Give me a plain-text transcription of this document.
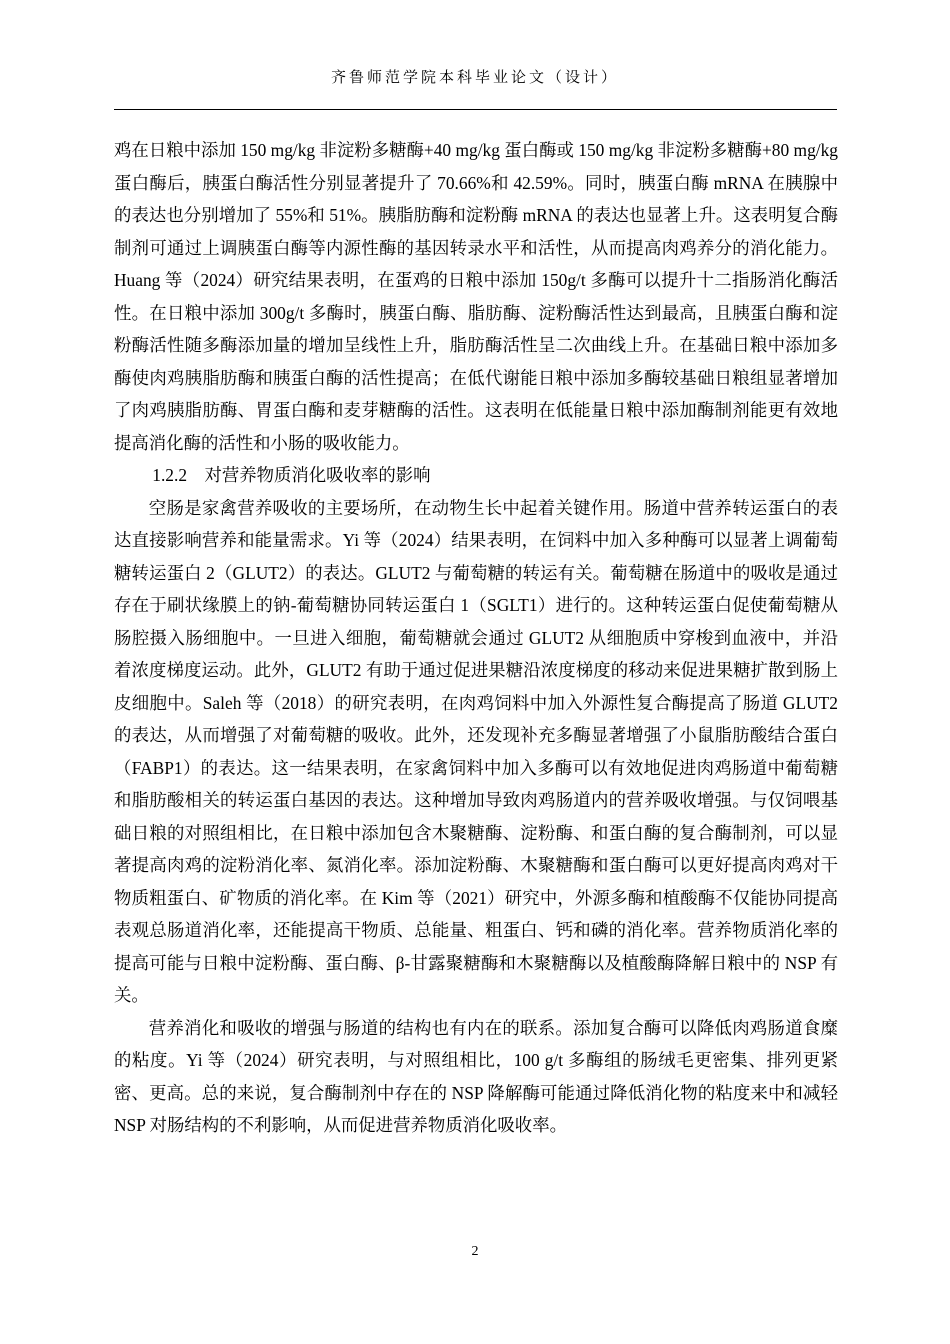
齐鲁师范学院本科毕业论文（设计）

鸡在日粮中添加 150 mg/kg 非淀粉多糖酶+40 mg/kg 蛋白酶或 150 mg/kg 非淀粉多糖酶+80 mg/kg 蛋白酶后，胰蛋白酶活性分别显著提升了 70.66%和 42.59%。同时，胰蛋白酶 mRNA 在胰腺中的表达也分别增加了 55%和 51%。胰脂肪酶和淀粉酶 mRNA 的表达也显著上升。这表明复合酶制剂可通过上调胰蛋白酶等内源性酶的基因转录水平和活性，从而提高肉鸡养分的消化能力。Huang 等（2024）研究结果表明，在蛋鸡的日粮中添加 150g/t 多酶可以提升十二指肠消化酶活性。在日粮中添加 300g/t 多酶时，胰蛋白酶、脂肪酶、淀粉酶活性达到最高，且胰蛋白酶和淀粉酶活性随多酶添加量的增加呈线性上升，脂肪酶活性呈二次曲线上升。在基础日粮中添加多酶使肉鸡胰脂肪酶和胰蛋白酶的活性提高；在低代谢能日粮中添加多酶较基础日粮组显著增加了肉鸡胰脂肪酶、胃蛋白酶和麦芽糖酶的活性。这表明在低能量日粮中添加酶制剂能更有效地提高消化酶的活性和小肠的吸收能力。

1.2.2　对营养物质消化吸收率的影响

空肠是家禽营养吸收的主要场所，在动物生长中起着关键作用。肠道中营养转运蛋白的表达直接影响营养和能量需求。Yi 等（2024）结果表明，在饲料中加入多种酶可以显著上调葡萄糖转运蛋白 2（GLUT2）的表达。GLUT2 与葡萄糖的转运有关。葡萄糖在肠道中的吸收是通过存在于刷状缘膜上的钠-葡萄糖协同转运蛋白 1（SGLT1）进行的。这种转运蛋白促使葡萄糖从肠腔摄入肠细胞中。一旦进入细胞，葡萄糖就会通过 GLUT2 从细胞质中穿梭到血液中，并沿着浓度梯度运动。此外，GLUT2 有助于通过促进果糖沿浓度梯度的移动来促进果糖扩散到肠上皮细胞中。Saleh 等（2018）的研究表明，在肉鸡饲料中加入外源性复合酶提高了肠道 GLUT2 的表达，从而增强了对葡萄糖的吸收。此外，还发现补充多酶显著增强了小鼠脂肪酸结合蛋白（FABP1）的表达。这一结果表明，在家禽饲料中加入多酶可以有效地促进肉鸡肠道中葡萄糖和脂肪酸相关的转运蛋白基因的表达。这种增加导致肉鸡肠道内的营养吸收增强。与仅饲喂基础日粮的对照组相比，在日粮中添加包含木聚糖酶、淀粉酶、和蛋白酶的复合酶制剂，可以显著提高肉鸡的淀粉消化率、氮消化率。添加淀粉酶、木聚糖酶和蛋白酶可以更好提高肉鸡对干物质粗蛋白、矿物质的消化率。在 Kim 等（2021）研究中，外源多酶和植酸酶不仅能协同提高表观总肠道消化率，还能提高干物质、总能量、粗蛋白、钙和磷的消化率。营养物质消化率的提高可能与日粮中淀粉酶、蛋白酶、β-甘露聚糖酶和木聚糖酶以及植酸酶降解日粮中的 NSP 有关。

营养消化和吸收的增强与肠道的结构也有内在的联系。添加复合酶可以降低肉鸡肠道食糜的粘度。Yi 等（2024）研究表明，与对照组相比，100 g/t 多酶组的肠绒毛更密集、排列更紧密、更高。总的来说，复合酶制剂中存在的 NSP 降解酶可能通过降低消化物的粘度来中和减轻 NSP 对肠结构的不利影响，从而促进营养物质消化吸收率。

2
